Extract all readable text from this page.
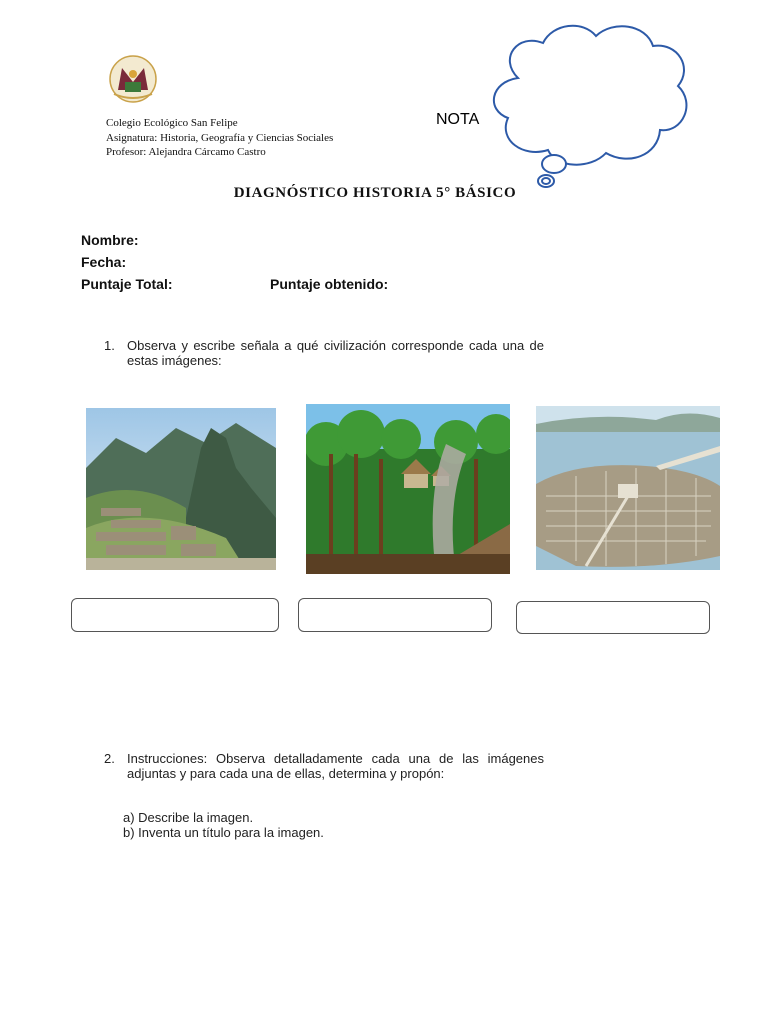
Colegio Ecológico San Felipe
Asignatura: Historia, Geografía y Ciencias Sociales
Profesor: Alejandra Cárcamo Castro
NOTA
DIAGNÓSTICO HISTORIA 5° BÁSICO
Nombre:
Fecha:
Puntaje Total:	Puntaje obtenido:
1. Observa y escribe señala a qué civilización corresponde cada una de estas imágenes:
2. Instrucciones: Observa detalladamente cada una de las imágenes adjuntas y para cada una de ellas, determina y propón:
a) Describe la imagen.
b) Inventa un título para la imagen.
